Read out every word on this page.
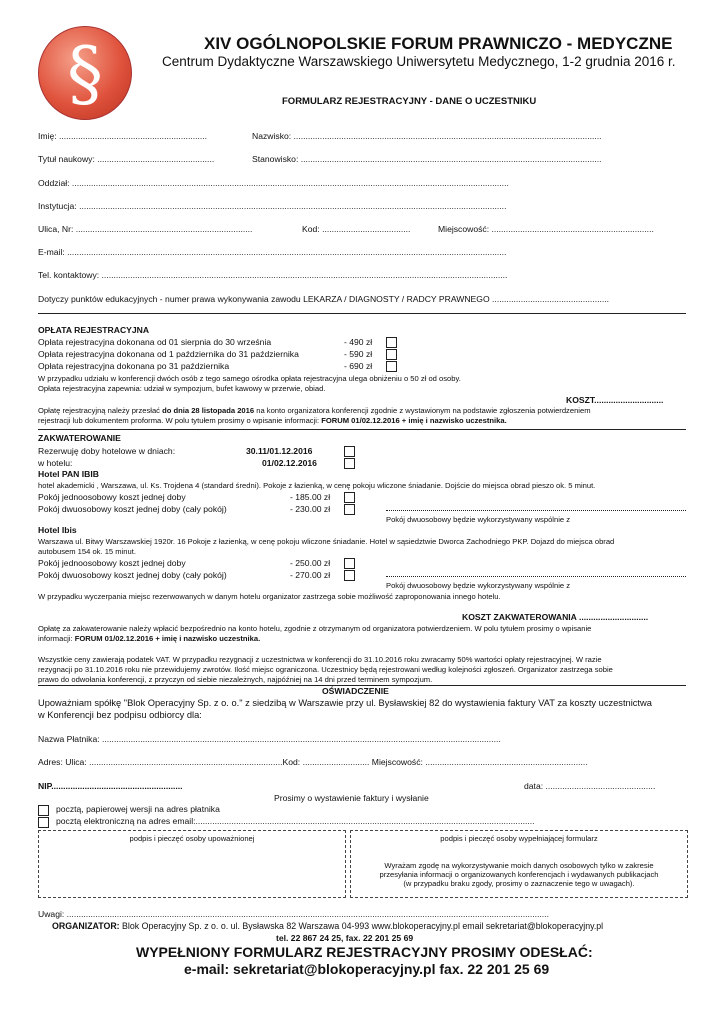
§	XIV OGÓLNOPOLSKIE FORUM PRAWNICZO - MEDYCZNE
Centrum Dydaktyczne Warszawskiego Uniwersytetu Medycznego, 1-2 grudnia 2016 r.
FORMULARZ REJESTRACYJNY - DANE O UCZESTNIKU
Imię: ..............................................................	Nazwisko: .................................................................................................................................
Tytuł naukowy: .................................................	Stanowisko: ..............................................................................................................................
Oddział: .......................................................................................................................................................................................
Instytucja: ...................................................................................................................................................................................
Ulica, Nr: ..........................................................................	Kod: .....................................	Miejscowość: ....................................................................
E-mail: ........................................................................................................................................................................................
Tel. kontaktowy: ..........................................................................................................................................................................
Dotyczy punktów edukacyjnych - numer prawa wykonywania zawodu LEKARZA / DIAGNOSTY / RADCY PRAWNEGO .................................................
OPŁATA REJESTRACYJNA
Opłata rejestracyjna dokonana od 01 sierpnia do 30 września	- 490 zł
Opłata rejestracyjna dokonana od 1 października do 31 października	- 590 zł
Opłata rejestracyjna dokonana po 31 października	- 690 zł
W przypadku udziału w konferencji dwóch osób z tego samego ośrodka opłata rejestracyjna ulega obniżeniu o 50 zł od osoby.
Opłata rejestracyjna zapewnia: udział w sympozjum, bufet kawowy w przerwie, obiad.
KOSZT.............................
Opłatę rejestracyjną należy przesłać do dnia 28 listopada 2016 na konto organizatora konferencji zgodnie z wystawionym na podstawie zgłoszenia potwierdzeniem
rejestracji lub dokumentem proforma. W polu tytułem prosimy o wpisanie informacji: FORUM 01/02.12.2016 + imię i nazwisko uczestnika.
ZAKWATEROWANIE
Rezerwuję doby hotelowe w dniach:	30.11/01.12.2016
w hotelu:	01/02.12.2016
Hotel PAN IBIB
hotel akademicki , Warszawa, ul. Ks. Trojdena 4 (standard średni). Pokoje z łazienką, w cenę pokoju wliczone śniadanie. Dojście do miejsca obrad pieszo ok. 5 minut.
Pokój jednoosobowy koszt jednej doby	- 185.00 zł
Pokój dwuosobowy koszt jednej doby (cały pokój)	- 230.00 zł
Pokój dwuosobowy będzie wykorzystywany wspólnie z
Hotel Ibis
Warszawa ul. Bitwy Warszawskiej 1920r. 16 Pokoje z łazienką, w cenę pokoju wliczone śniadanie. Hotel w sąsiedztwie Dworca Zachodniego PKP. Dojazd do miejsca obrad
autobusem 154 ok. 15 minut.
Pokój jednoosobowy koszt jednej doby	- 250.00 zł
Pokój dwuosobowy koszt jednej doby (cały pokój)	- 270.00 zł
Pokój dwuosobowy będzie wykorzystywany wspólnie z
W przypadku wyczerpania miejsc rezerwowanych w danym hotelu organizator zastrzega sobie możliwość zaproponowania innego hotelu.
KOSZT ZAKWATEROWANIA .............................
Opłatę za zakwaterowanie należy wpłacić bezpośrednio na konto hotelu, zgodnie z otrzymanym od organizatora potwierdzeniem. W polu tytułem prosimy o wpisanie
informacji: FORUM 01/02.12.2016 + imię i nazwisko uczestnika.
Wszystkie ceny zawierają podatek VAT. W przypadku rezygnacji z uczestnictwa w konferencji do 31.10.2016 roku zwracamy 50% wartości opłaty rejestracyjnej. W razie
rezygnacji po 31.10.2016 roku nie przewidujemy zwrotów. Ilość miejsc ograniczona. Uczestnicy będą rejestrowani według kolejności zgłoszeń. Organizator zastrzega sobie
prawo do odwołania konferencji, z przyczyn od siebie niezależnych, najpóźniej na 14 dni przed terminem sympozjum.
OŚWIADCZENIE
Upoważniam spółkę "Blok Operacyjny Sp. z o. o." z siedzibą w Warszawie przy ul. Bysławskiej 82 do wystawienia faktury VAT za koszty uczestnictwa
w Konferencji bez podpisu odbiorcy dla:
Nazwa Płatnika: .......................................................................................................................................................................
Adres: Ulica: .................................................................................Kod: ............................ Miejscowość: ....................................................................
NIP.......................................................	data: ..............................................
Prosimy o wystawienie faktury i wysłanie
pocztą, papierowej wersji na adres płatnika
pocztą elektroniczną na adres email:..............................................................................................................................................
podpis i pieczęć osoby upoważnionej	podpis i pieczęć osoby wypełniającej formularz
Wyrażam zgodę na wykorzystywanie moich danych osobowych tylko w zakresie
przesyłania informacji o organizowanych konferencjach i wydawanych publikacjach
(w przypadku braku zgody, prosimy o zaznaczenie tego w uwagach).
Uwagi: ..........................................................................................................................................................................................................
ORGANIZATOR: Blok Operacyjny Sp. z o. o. ul. Bysławska 82 Warszawa 04-993 www.blokoperacyjny.pl email sekretariat@blokoperacyjny.pl
tel. 22 867 24 25, fax. 22 201 25 69
WYPEŁNIONY FORMULARZ REJESTRACYJNY PROSIMY ODESŁAĆ:
e-mail: sekretariat@blokoperacyjny.pl fax. 22 201 25 69
